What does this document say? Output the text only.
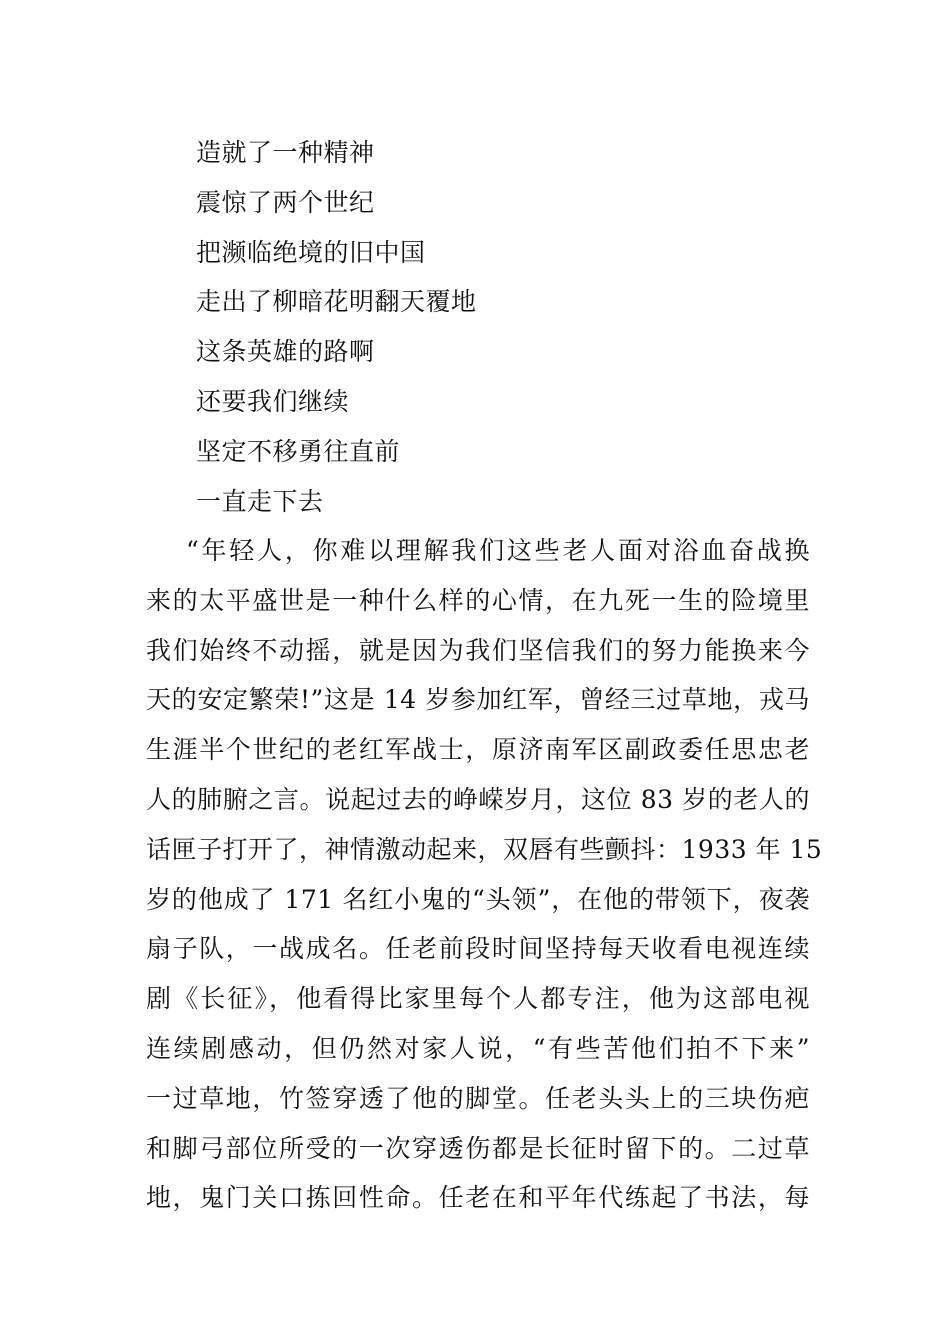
造就了一种精神
震惊了两个世纪
把濒临绝境的旧中国
走出了柳暗花明翻天覆地
这条英雄的路啊
还要我们继续
坚定不移勇往直前
一直走下去
“年轻人，你难以理解我们这些老人面对浴血奋战换
来的太平盛世是一种什么样的心情，在九死一生的险境里
我们始终不动摇，就是因为我们坚信我们的努力能换来今
天的安定繁荣!”这是 14 岁参加红军，曾经三过草地，戎马
生涯半个世纪的老红军战士，原济南军区副政委任思忠老
人的肺腑之言。说起过去的峥嵘岁月，这位 83 岁的老人的
话匣子打开了，神情激动起来，双唇有些颤抖：1933 年 15
岁的他成了 171 名红小鬼的“头领”，在他的带领下，夜袭
扇子队，一战成名。任老前段时间坚持每天收看电视连续
剧《长征》，他看得比家里每个人都专注，他为这部电视
连续剧感动，但仍然对家人说，“有些苦他们拍不下来”
一过草地，竹签穿透了他的脚堂。任老头头上的三块伤疤
和脚弓部位所受的一次穿透伤都是长征时留下的。二过草
地，鬼门关口拣回性命。任老在和平年代练起了书法，每
